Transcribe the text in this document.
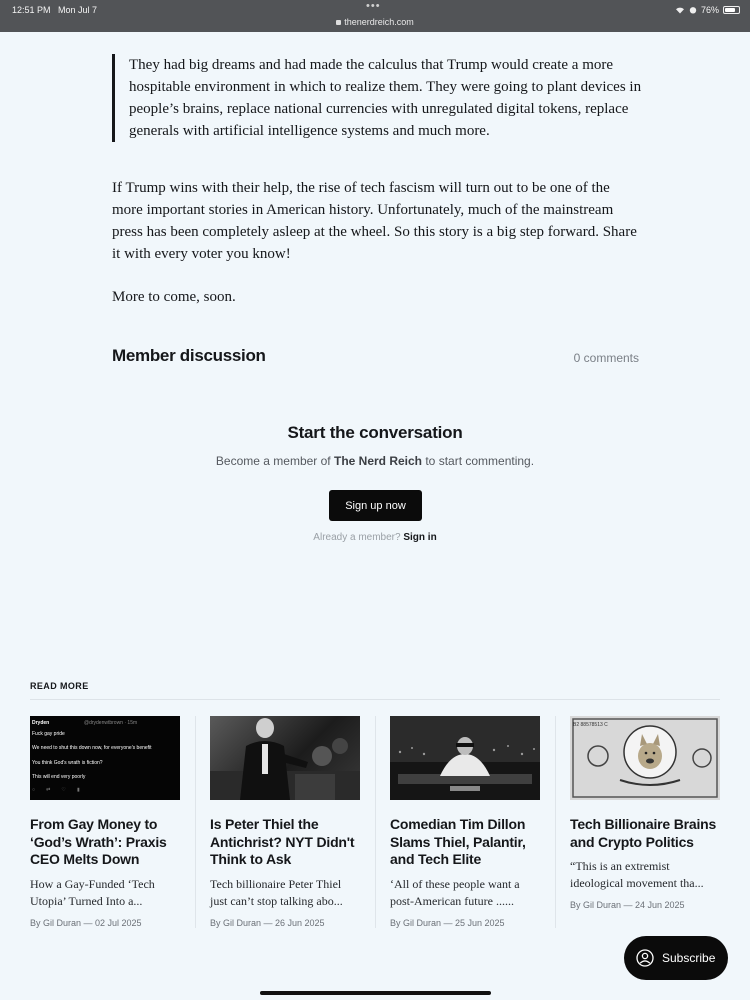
12:51 PM Mon Jul 7	•••
thenerdreich.com
76%
They had big dreams and had made the calculus that Trump would create a more hospitable environment in which to realize them. They were going to plant devices in people’s brains, replace national currencies with unregulated digital tokens, replace generals with artificial intelligence systems and much more.

If Trump wins with their help, the rise of tech fascism will turn out to be one of the more important stories in American history. Unfortunately, much of the mainstream press has been completely asleep at the wheel. So this story is a big step forward. Share it with every voter you know!

More to come, soon.

Member discussion	0 comments
Start the conversation
Become a member of The Nerd Reich to start commenting.
Sign up now
Already a member? Sign in
READ MORE
Dryden	@drydenwtbrown · 15m
Fuck gay pride
We need to shut this down now, for everyone's benefit
You think God's wrath is fiction?
This will end very poorly
○        ⇄        ♡        ▮
From Gay Money to ‘God’s Wrath’: Praxis CEO Melts Down
How a Gay-Funded ‘Tech Utopia’ Turned Into a...
By Gil Duran — 02 Jul 2025
Is Peter Thiel the Antichrist? NYT Didn't Think to Ask
Tech billionaire Peter Thiel just can’t stop talking abo...
By Gil Duran — 26 Jun 2025
Comedian Tim Dillon Slams Thiel, Palantir, and Tech Elite
‘All of these people want a post-American future ......
By Gil Duran — 25 Jun 2025
B2 88578513 C
Tech Billionaire Brains and Crypto Politics
“This is an extremist ideological movement tha...
By Gil Duran — 24 Jun 2025
Subscribe
